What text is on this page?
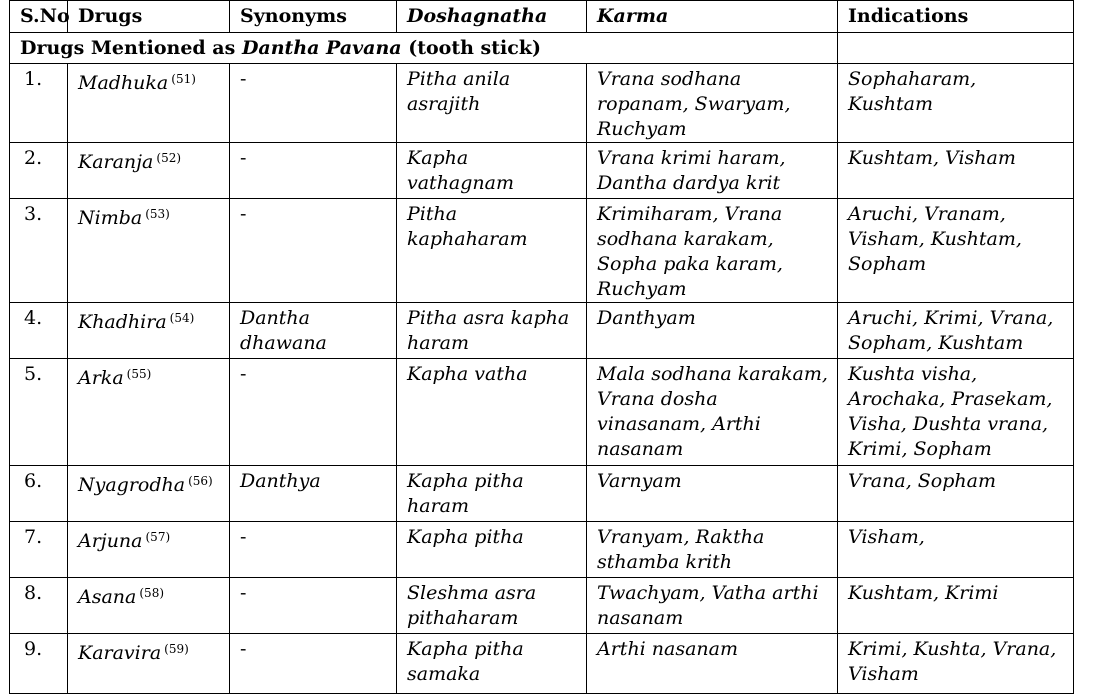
S.No	Drugs	Synonyms	Doshagnatha	Karma	Indications
Drugs Mentioned as Dantha Pavana (tooth stick)					
1.	Madhuka $^{(51)}$	-	Pitha anila asrajith	Vrana sodhana ropanam, Swaryam, Ruchyam	Sophaharam, Kushtam
2.	Karanja $^{(52)}$	-	Kapha vathagnam	Vrana krimi haram, Dantha dardya krit	Kushtam, Visham
3.	Nimba $^{(53)}$	-	Pitha kaphaharam	Krimiharam, Vrana sodhana karakam, Sopha paka karam, Ruchyam	Aruchi, Vranam, Visham, Kushtam, Sopham
4.	Khadhira $^{(54)}$	Dantha dhawana	Pitha asra kapha haram	Danthyam	Aruchi, Krimi, Vrana, Sopham, Kushtam
5.	Arka $^{(55)}$	-	Kapha vatha	Mala sodhana karakam, Vrana dosha vinasanam, Arthi nasanam	Kushta visha, Arochaka, Prasekam, Visha, Dushta vrana, Krimi, Sopham
6.	Nyagrodha $^{(56)}$	Danthya	Kapha pitha haram	Varnyam	Vrana, Sopham
7.	Arjuna $^{(57)}$	-	Kapha pitha	Vranyam, Raktha sthamba krith	Visham,
8.	Asana $^{(58)}$	-	Sleshma asra pithaharam	Twachyam, Vatha arthi nasanam	Kushtam, Krimi
9.	Karavira $^{(59)}$	-	Kapha pitha samaka	Arthi nasanam	Krimi, Kushta, Vrana, Visham
